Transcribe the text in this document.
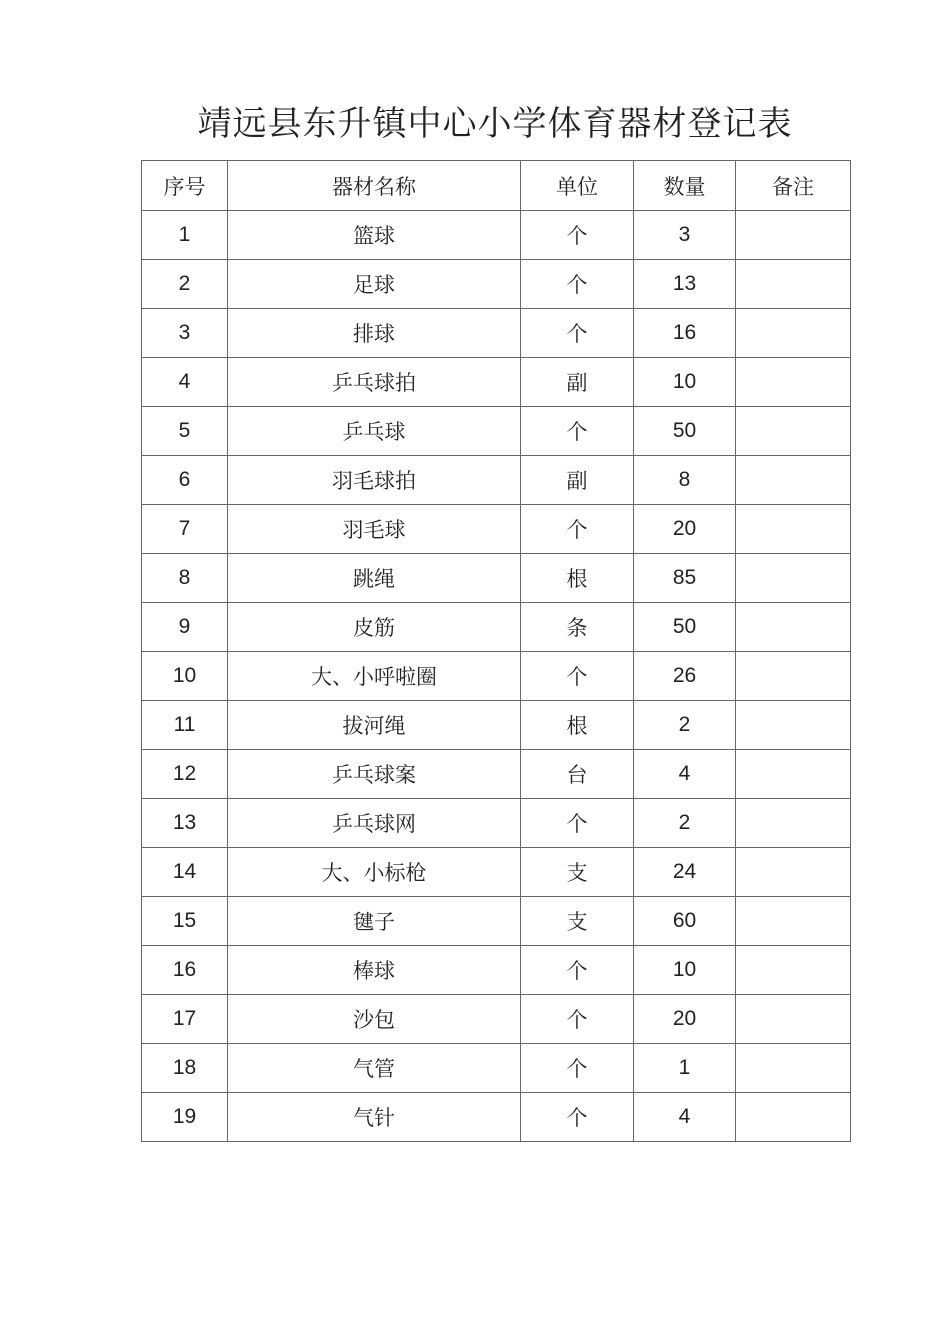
靖远县东升镇中心小学体育器材登记表
序号	器材名称	单位	数量	备注
1	篮球	个	3	
2	足球	个	13	
3	排球	个	16	
4	乒乓球拍	副	10	
5	乒乓球	个	50	
6	羽毛球拍	副	8	
7	羽毛球	个	20	
8	跳绳	根	85	
9	皮筋	条	50	
10	大、小呼啦圈	个	26	
11	拔河绳	根	2	
12	乒乓球案	台	4	
13	乒乓球网	个	2	
14	大、小标枪	支	24	
15	毽子	支	60	
16	棒球	个	10	
17	沙包	个	20	
18	气管	个	1	
19	气针	个	4	
